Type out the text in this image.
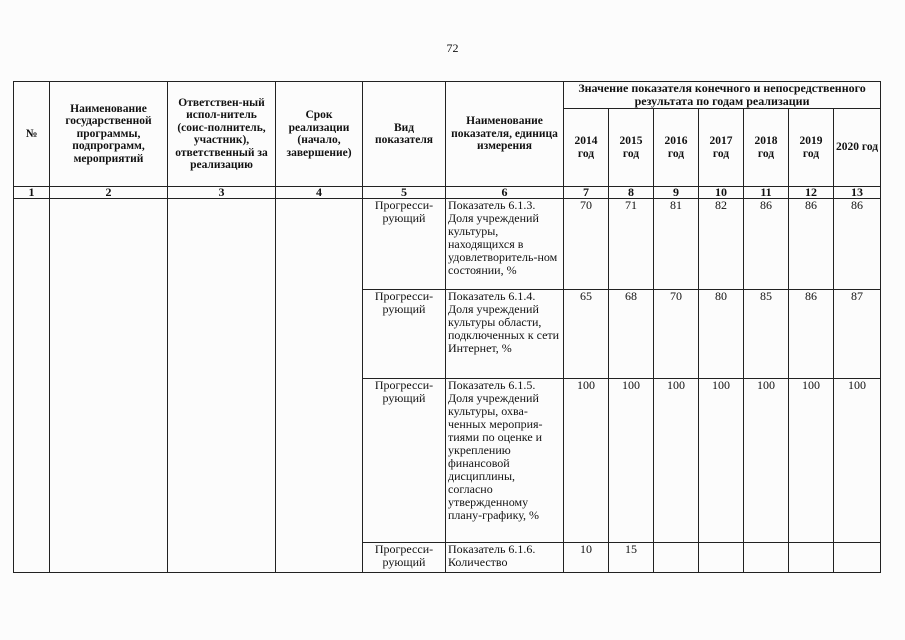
72
№	Наименование государственной программы, подпрограмм, мероприятий	Ответствен-ный испол-нитель (соис-полнитель, участник), ответственный за реализацию	Срок реализации (начало, завершение)	Вид показателя	Наименование показателя, единица измерения	Значение показателя конечного и непосредственного результата по годам реализации						
						2014 год	2015 год	2016 год	2017 год	2018 год	2019 год	2020 год
1	2	3	4	5	6	7	8	9	10	11	12	13
				Прогресси-рующий	Показатель 6.1.3. Доля учреждений культуры, находящихся в удовлетворитель-ном состоянии, %	70	71	81	82	86	86	86
				Прогресси-рующий	Показатель 6.1.4. Доля учреждений культуры области, подключенных к сети Интернет, %	65	68	70	80	85	86	87
				Прогресси-рующий	Показатель 6.1.5. Доля учреждений культуры, охва-ченных мероприя-тиями по оценке и укреплению финансовой дисциплины, согласно утвержденному плану-графику, %	100	100	100	100	100	100	100
				Прогресси-рующий	Показатель 6.1.6. Количество	10	15					
